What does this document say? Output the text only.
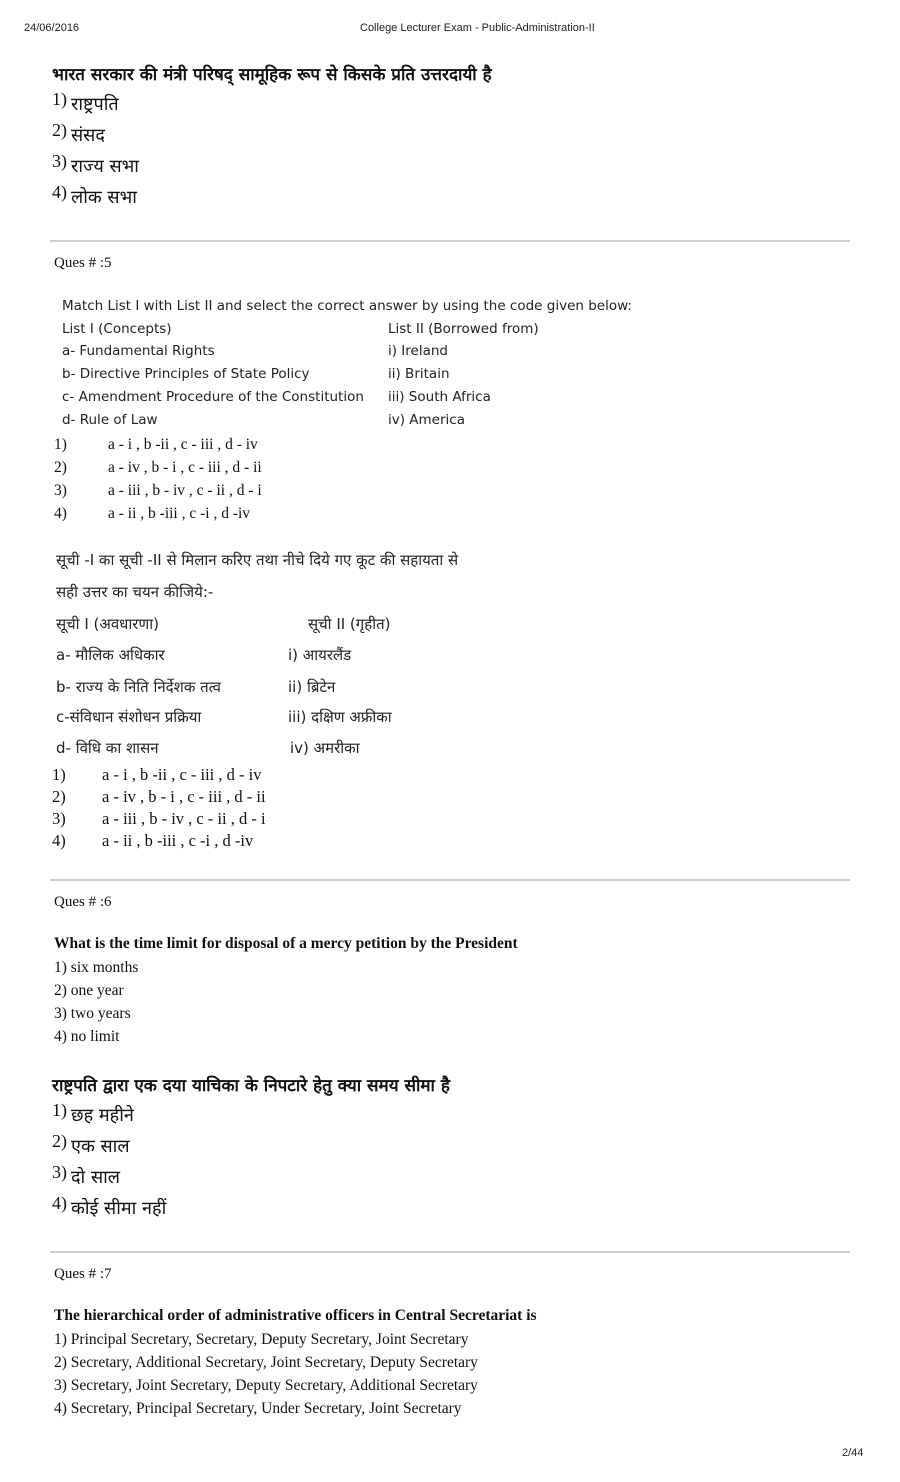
24/06/2016	College Lecturer Exam - Public-Administration-II
भारत सरकार की मंत्री परिषद् सामूहिक रूप से किसके प्रति उत्तरदायी है
1) राष्ट्रपति
2) संसद
3) राज्य सभा
4) लोक सभा
Ques # :5
Match List I with List II and select the correct answer by using the code given below:
List I (Concepts)	List II (Borrowed from)
a- Fundamental Rights	i) Ireland
b- Directive Principles of State Policy	ii) Britain
c- Amendment Procedure of the Constitution iii) South Africa
d- Rule of Law	iv) America
1)	a - i , b -ii , c - iii , d - iv
2)	a - iv , b - i , c - iii , d - ii
3)	a - iii , b - iv , c - ii , d - i
4)	a - ii , b -iii , c -i , d -iv
सूची -I का सूची -II से मिलान करिए तथा नीचे दिये गए कूट की सहायता से
सही उत्तर का चयन कीजिये:-
सूची I (अवधारणा)	सूची II (गृहीत)
a- मौलिक अधिकार	i) आयरलैंड
b- राज्य के निति निर्देशक तत्व	ii) ब्रिटेन
c-संविधान संशोधन प्रक्रिया	iii) दक्षिण अफ्रीका
d- विधि का शासन	iv) अमरीका
1) a - i , b -ii , c - iii , d - iv
2) a - iv , b - i , c - iii , d - ii
3) a - iii , b - iv , c - ii , d - i
4) a - ii , b -iii , c -i , d -iv
Ques # :6
What is the time limit for disposal of a mercy petition by the President
1) six months
2) one year
3) two years
4) no limit
राष्ट्रपति द्वारा एक दया याचिका के निपटारे हेतु क्या समय सीमा है
1) छह महीने
2) एक साल
3) दो साल
4) कोई सीमा नहीं
Ques # :7
The hierarchical order of administrative officers in Central Secretariat is
1) Principal Secretary, Secretary, Deputy Secretary, Joint Secretary
2) Secretary, Additional Secretary, Joint Secretary, Deputy Secretary
3) Secretary, Joint Secretary, Deputy Secretary, Additional Secretary
4) Secretary, Principal Secretary, Under Secretary, Joint Secretary
2/44
